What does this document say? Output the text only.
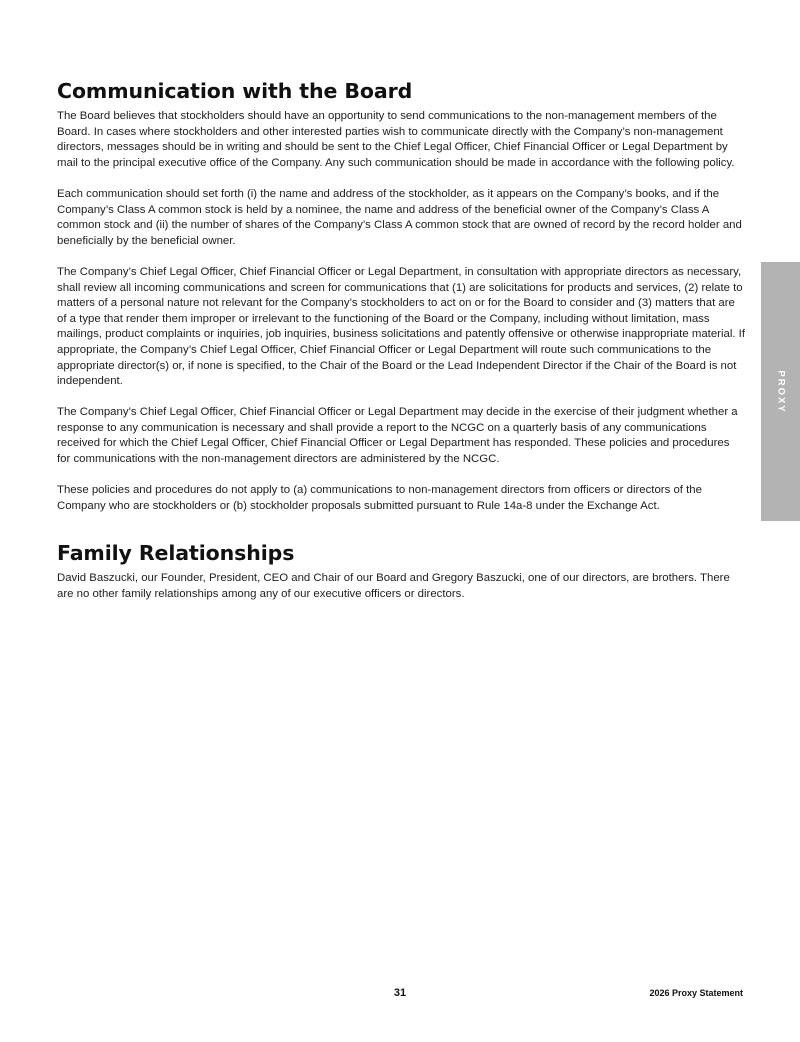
Communication with the Board

The Board believes that stockholders should have an opportunity to send communications to the non-management members of the Board. In cases where stockholders and other interested parties wish to communicate directly with the Company’s non-management directors, messages should be in writing and should be sent to the Chief Legal Officer, Chief Financial Officer or Legal Department by mail to the principal executive office of the Company. Any such communication should be made in accordance with the following policy.

Each communication should set forth (i) the name and address of the stockholder, as it appears on the Company’s books, and if the Company’s Class A common stock is held by a nominee, the name and address of the beneficial owner of the Company’s Class A common stock and (ii) the number of shares of the Company’s Class A common stock that are owned of record by the record holder and beneficially by the beneficial owner.

The Company’s Chief Legal Officer, Chief Financial Officer or Legal Department, in consultation with appropriate directors as necessary, shall review all incoming communications and screen for communications that (1) are solicitations for products and services, (2) relate to matters of a personal nature not relevant for the Company’s stockholders to act on or for the Board to consider and (3) matters that are of a type that render them improper or irrelevant to the functioning of the Board or the Company, including without limitation, mass mailings, product complaints or inquiries, job inquiries, business solicitations and patently offensive or otherwise inappropriate material. If appropriate, the Company’s Chief Legal Officer, Chief Financial Officer or Legal Department will route such communications to the appropriate director(s) or, if none is specified, to the Chair of the Board or the Lead Independent Director if the Chair of the Board is not independent.

The Company’s Chief Legal Officer, Chief Financial Officer or Legal Department may decide in the exercise of their judgment whether a response to any communication is necessary and shall provide a report to the NCGC on a quarterly basis of any communications received for which the Chief Legal Officer, Chief Financial Officer or Legal Department has responded. These policies and procedures for communications with the non-management directors are administered by the NCGC.

These policies and procedures do not apply to (a) communications to non-management directors from officers or directors of the Company who are stockholders or (b) stockholder proposals submitted pursuant to Rule 14a-8 under the Exchange Act.

Family Relationships

David Baszucki, our Founder, President, CEO and Chair of our Board and Gregory Baszucki, one of our directors, are brothers. There are no other family relationships among any of our executive officers or directors.

PROXY
31	2026 Proxy Statement
